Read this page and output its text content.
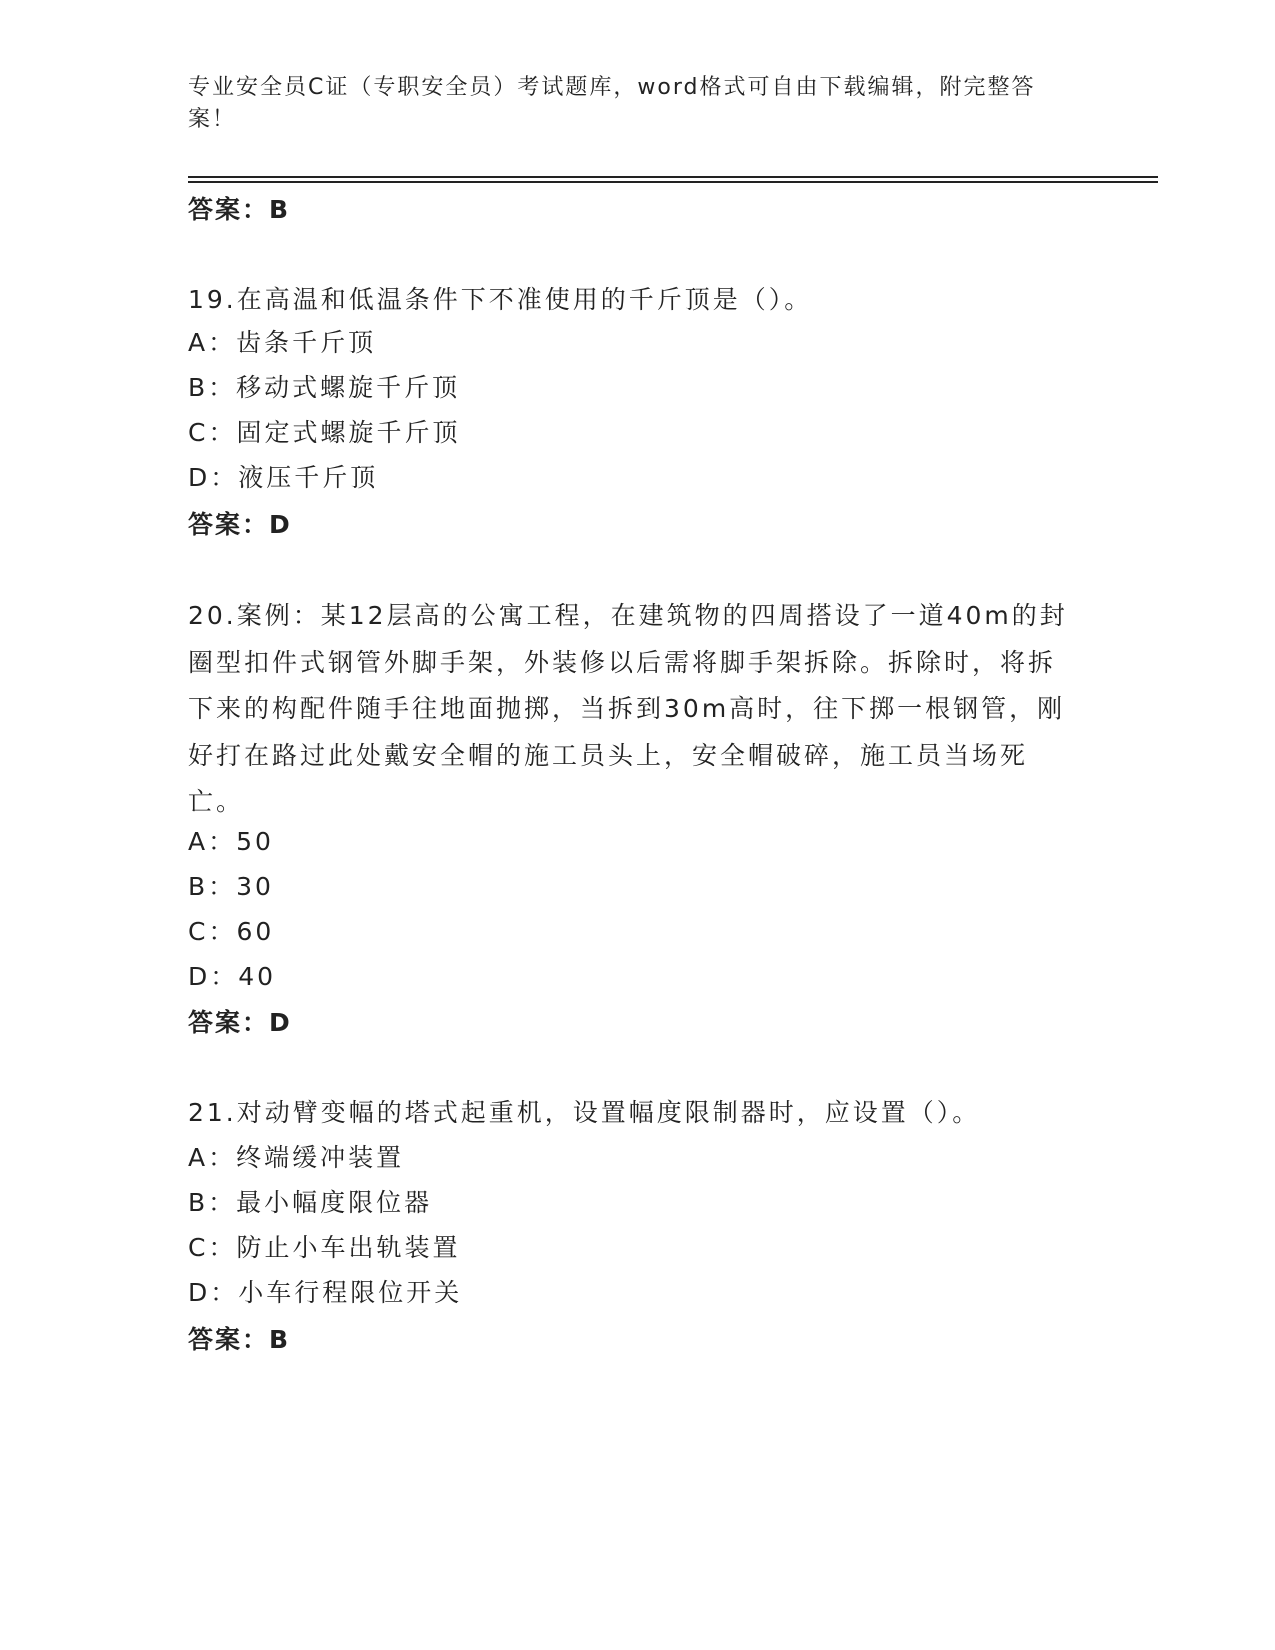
专业安全员C证（专职安全员）考试题库，word格式可自由下载编辑，附完整答案！
答案：B
19.在高温和低温条件下不准使用的千斤顶是（）。
A：齿条千斤顶
B：移动式螺旋千斤顶
C：固定式螺旋千斤顶
D：液压千斤顶
答案：D
20.案例：某12层高的公寓工程，在建筑物的四周搭设了一道40m的封圈型扣件式钢管外脚手架，外装修以后需将脚手架拆除。拆除时，将拆下来的构配件随手往地面抛掷，当拆到30m高时，往下掷一根钢管，刚好打在路过此处戴安全帽的施工员头上，安全帽破碎，施工员当场死亡。
A：50
B：30
C：60
D：40
答案：D
21.对动臂变幅的塔式起重机，设置幅度限制器时，应设置（）。
A：终端缓冲装置
B：最小幅度限位器
C：防止小车出轨装置
D：小车行程限位开关
答案：B
